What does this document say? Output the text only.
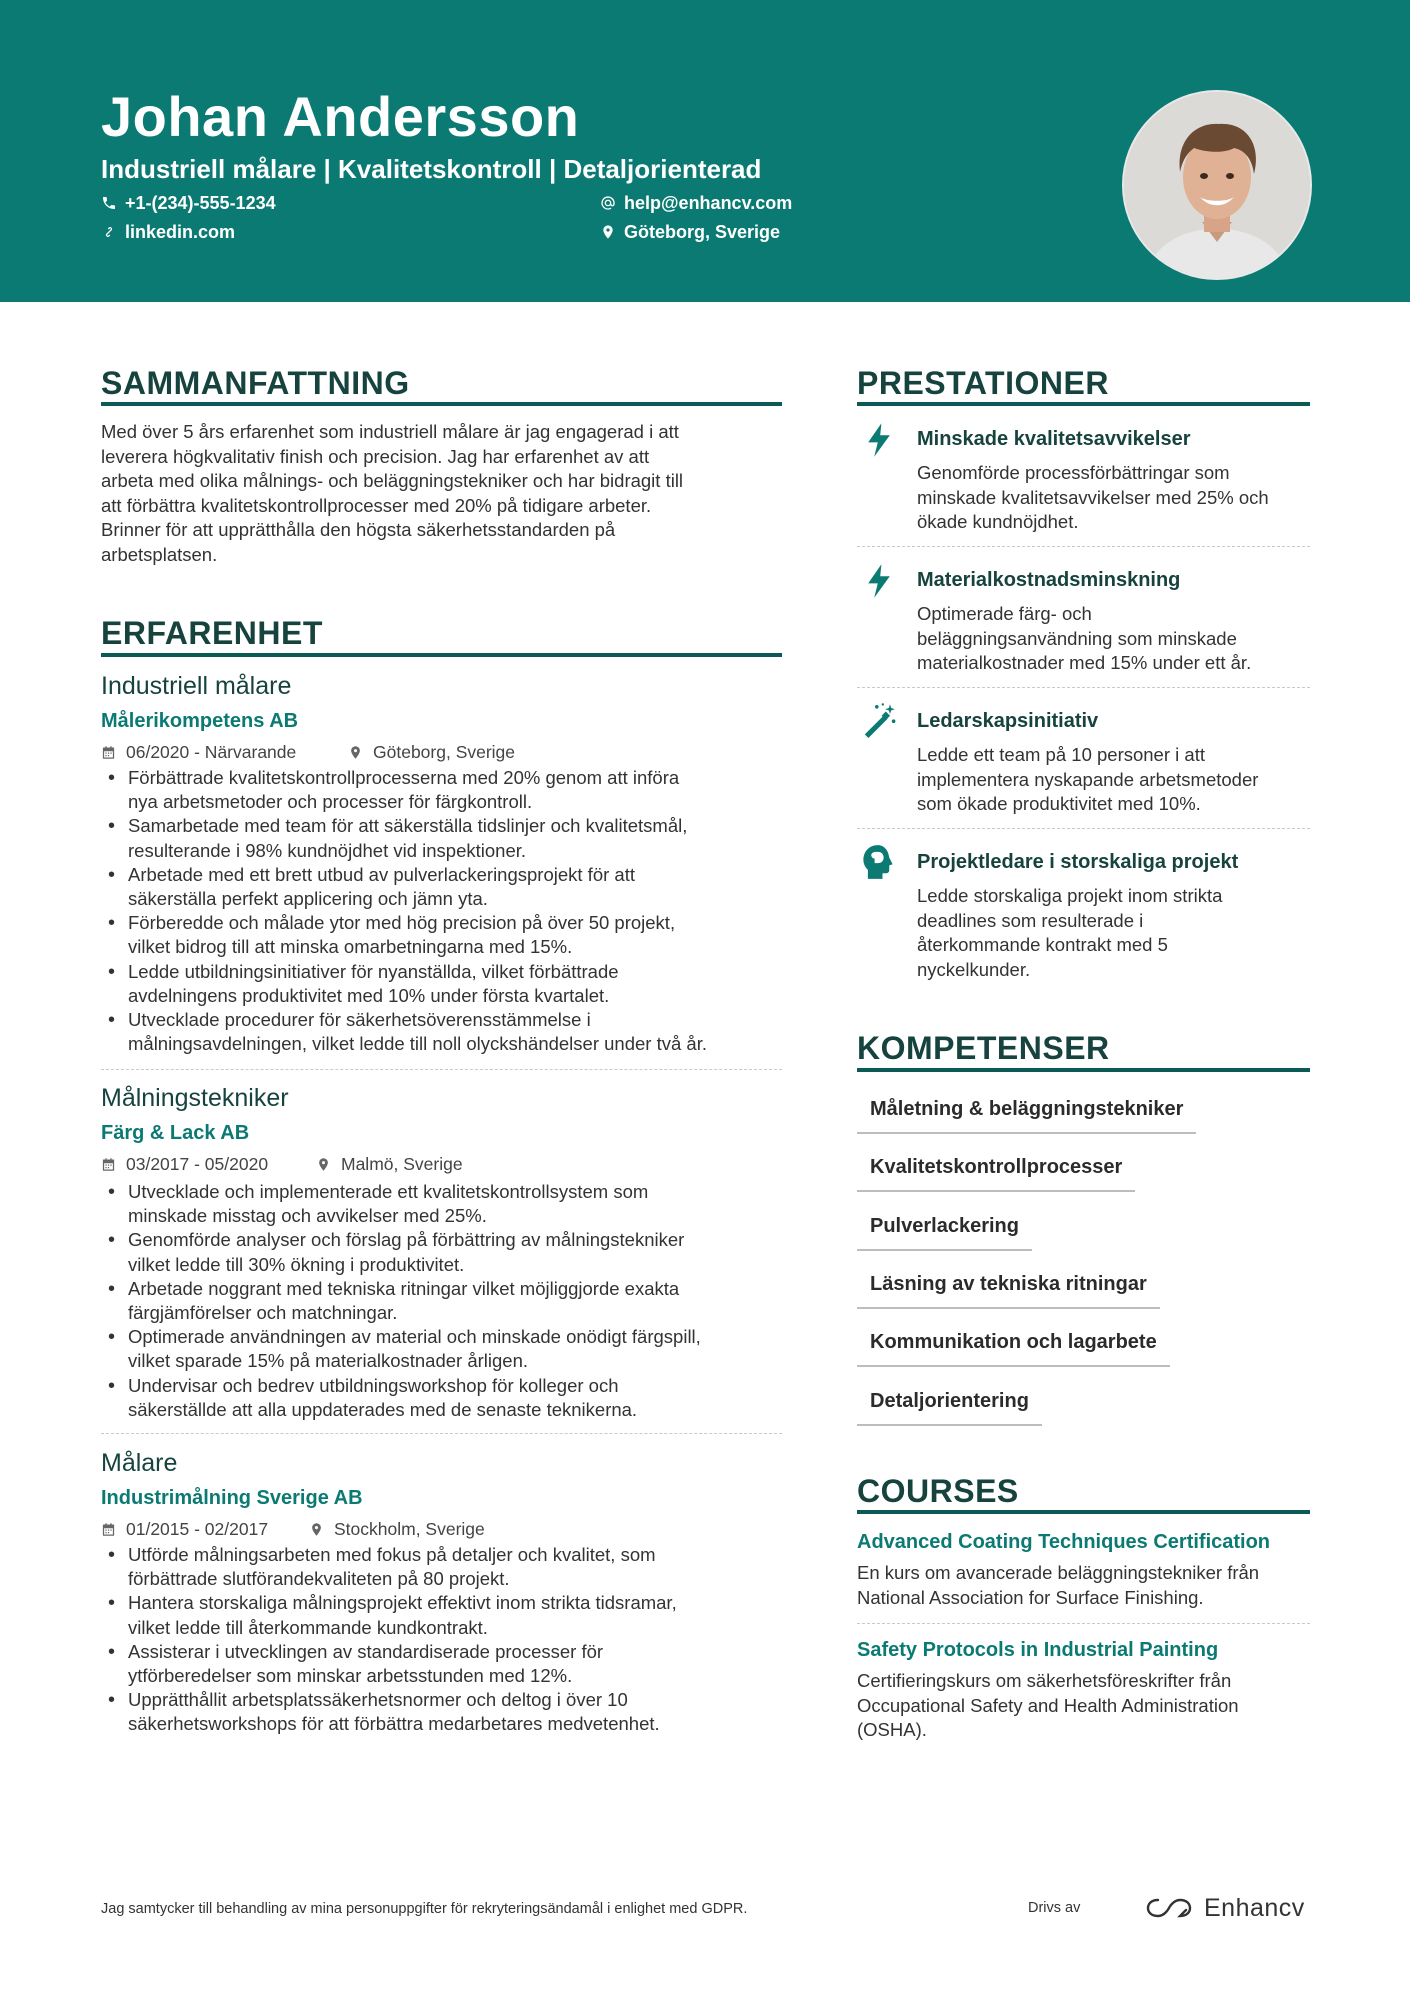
Johan Andersson
Industriell målare | Kvalitetskontroll | Detaljorienterad
+1-(234)-555-1234	help@enhancv.com
linkedin.com	Göteborg, Sverige
SAMMANFATTNING
Med över 5 års erfarenhet som industriell målare är jag engagerad i att
leverera högkvalitativ finish och precision. Jag har erfarenhet av att
arbeta med olika målnings- och beläggningstekniker och har bidragit till
att förbättra kvalitetskontrollprocesser med 20% på tidigare arbeter.
Brinner för att upprätthålla den högsta säkerhetsstandarden på
arbetsplatsen.
ERFARENHET
Industriell målare
Målerikompetens AB
06/2020 - Närvarande	Göteborg, Sverige
• Förbättrade kvalitetskontrollprocesserna med 20% genom att införa
nya arbetsmetoder och processer för färgkontroll.
• Samarbetade med team för att säkerställa tidslinjer och kvalitetsmål,
resulterande i 98% kundnöjdhet vid inspektioner.
• Arbetade med ett brett utbud av pulverlackeringsprojekt för att
säkerställa perfekt applicering och jämn yta.
• Förberedde och målade ytor med hög precision på över 50 projekt,
vilket bidrog till att minska omarbetningarna med 15%.
• Ledde utbildningsinitiativer för nyanställda, vilket förbättrade
avdelningens produktivitet med 10% under första kvartalet.
• Utvecklade procedurer för säkerhetsöverensstämmelse i
målningsavdelningen, vilket ledde till noll olyckshändelser under två år.
Målningstekniker
Färg & Lack AB
03/2017 - 05/2020	Malmö, Sverige
• Utvecklade och implementerade ett kvalitetskontrollsystem som
minskade misstag och avvikelser med 25%.
• Genomförde analyser och förslag på förbättring av målningstekniker
vilket ledde till 30% ökning i produktivitet.
• Arbetade noggrant med tekniska ritningar vilket möjliggjorde exakta
färgjämförelser och matchningar.
• Optimerade användningen av material och minskade onödigt färgspill,
vilket sparade 15% på materialkostnader årligen.
• Undervisar och bedrev utbildningsworkshop för kolleger och
säkerställde att alla uppdaterades med de senaste teknikerna.
Målare
Industrimålning Sverige AB
01/2015 - 02/2017	Stockholm, Sverige
• Utförde målningsarbeten med fokus på detaljer och kvalitet, som
förbättrade slutförandekvaliteten på 80 projekt.
• Hantera storskaliga målningsprojekt effektivt inom strikta tidsramar,
vilket ledde till återkommande kundkontrakt.
• Assisterar i utvecklingen av standardiserade processer för
ytförberedelser som minskar arbetsstunden med 12%.
• Upprätthållit arbetsplatssäkerhetsnormer och deltog i över 10
säkerhetsworkshops för att förbättra medarbetares medvetenhet.
PRESTATIONER
Minskade kvalitetsavvikelser
Genomförde processförbättringar som
minskade kvalitetsavvikelser med 25% och
ökade kundnöjdhet.
Materialkostnadsminskning
Optimerade färg- och
beläggningsanvändning som minskade
materialkostnader med 15% under ett år.
Ledarskapsinitiativ
Ledde ett team på 10 personer i att
implementera nyskapande arbetsmetoder
som ökade produktivitet med 10%.
Projektledare i storskaliga projekt
Ledde storskaliga projekt inom strikta
deadlines som resulterade i
återkommande kontrakt med 5
nyckelkunder.
KOMPETENSER
Måletning & beläggningstekniker
Kvalitetskontrollprocesser
Pulverlackering
Läsning av tekniska ritningar
Kommunikation och lagarbete
Detaljorientering
COURSES
Advanced Coating Techniques Certification
En kurs om avancerade beläggningstekniker från
National Association for Surface Finishing.
Safety Protocols in Industrial Painting
Certifieringskurs om säkerhetsföreskrifter från
Occupational Safety and Health Administration
(OSHA).
Jag samtycker till behandling av mina personuppgifter för rekryteringsändamål i enlighet med GDPR.	Drivs av	Enhancv
